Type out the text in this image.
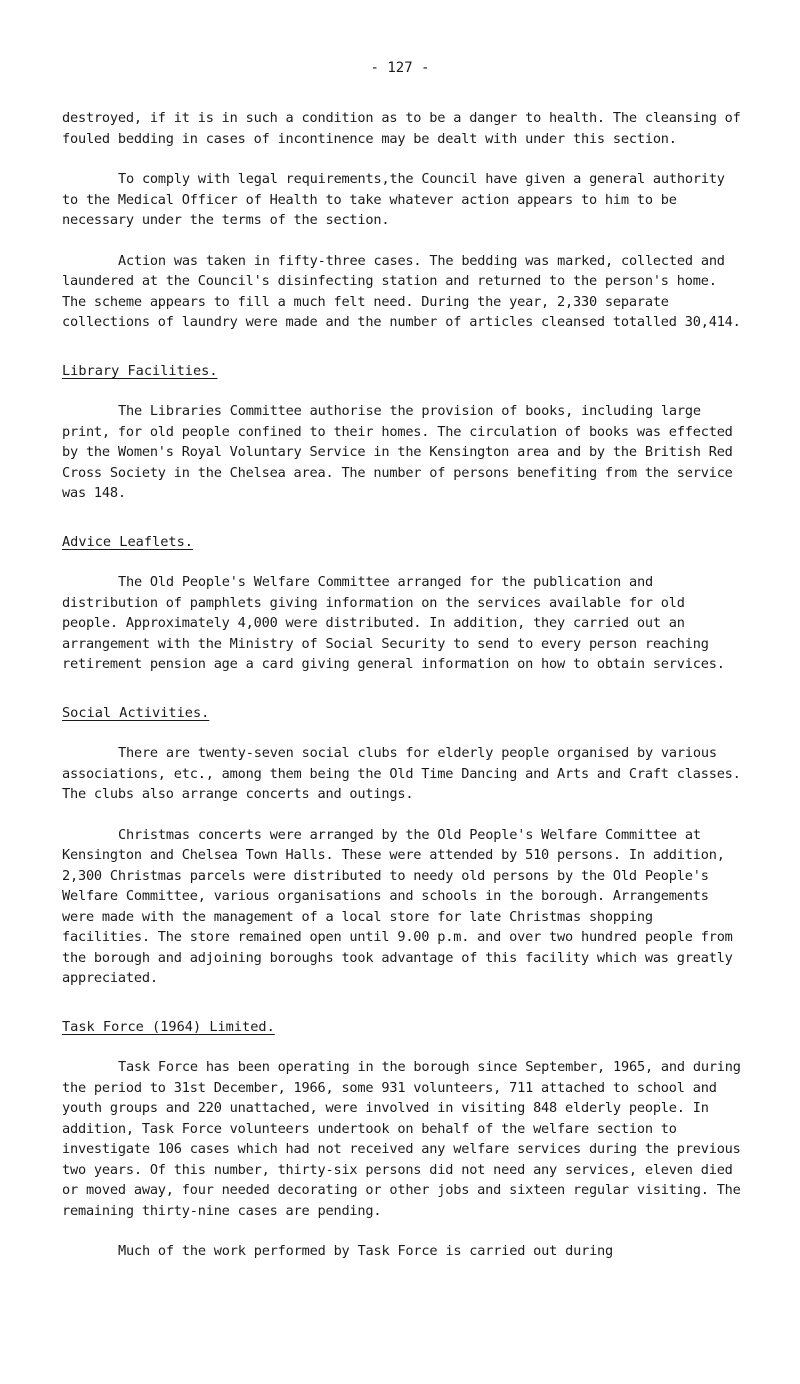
- 127 -

destroyed, if it is in such a condition as to be a danger to health. The cleansing of fouled bedding in cases of incontinence may be dealt with under this section.

To comply with legal requirements,the Council have given a general authority to the Medical Officer of Health to take whatever action appears to him to be necessary under the terms of the section.

Action was taken in fifty-three cases. The bedding was marked, collected and laundered at the Council's disinfecting station and returned to the person's home. The scheme appears to fill a much felt need. During the year, 2,330 separate collections of laundry were made and the number of articles cleansed totalled 30,414.

Library Facilities.

The Libraries Committee authorise the provision of books, including large print, for old people confined to their homes. The circulation of books was effected by the Women's Royal Voluntary Service in the Kensington area and by the British Red Cross Society in the Chelsea area. The number of persons benefiting from the service was 148.

Advice Leaflets.

The Old People's Welfare Committee arranged for the publication and distribution of pamphlets giving information on the services available for old people. Approximately 4,000 were distributed. In addition, they carried out an arrangement with the Ministry of Social Security to send to every person reaching retirement pension age a card giving general information on how to obtain services.

Social Activities.

There are twenty-seven social clubs for elderly people organised by various associations, etc., among them being the Old Time Dancing and Arts and Craft classes. The clubs also arrange concerts and outings.

Christmas concerts were arranged by the Old People's Welfare Committee at Kensington and Chelsea Town Halls. These were attended by 510 persons. In addition, 2,300 Christmas parcels were distributed to needy old persons by the Old People's Welfare Committee, various organisations and schools in the borough. Arrangements were made with the management of a local store for late Christmas shopping facilities. The store remained open until 9.00 p.m. and over two hundred people from the borough and adjoining boroughs took advantage of this facility which was greatly appreciated.

Task Force (1964) Limited.

Task Force has been operating in the borough since September, 1965, and during the period to 31st December, 1966, some 931 volunteers, 711 attached to school and youth groups and 220 unattached, were involved in visiting 848 elderly people. In addition, Task Force volunteers undertook on behalf of the welfare section to investigate 106 cases which had not received any welfare services during the previous two years. Of this number, thirty-six persons did not need any services, eleven died or moved away, four needed decorating or other jobs and sixteen regular visiting. The remaining thirty-nine cases are pending.

Much of the work performed by Task Force is carried out during
